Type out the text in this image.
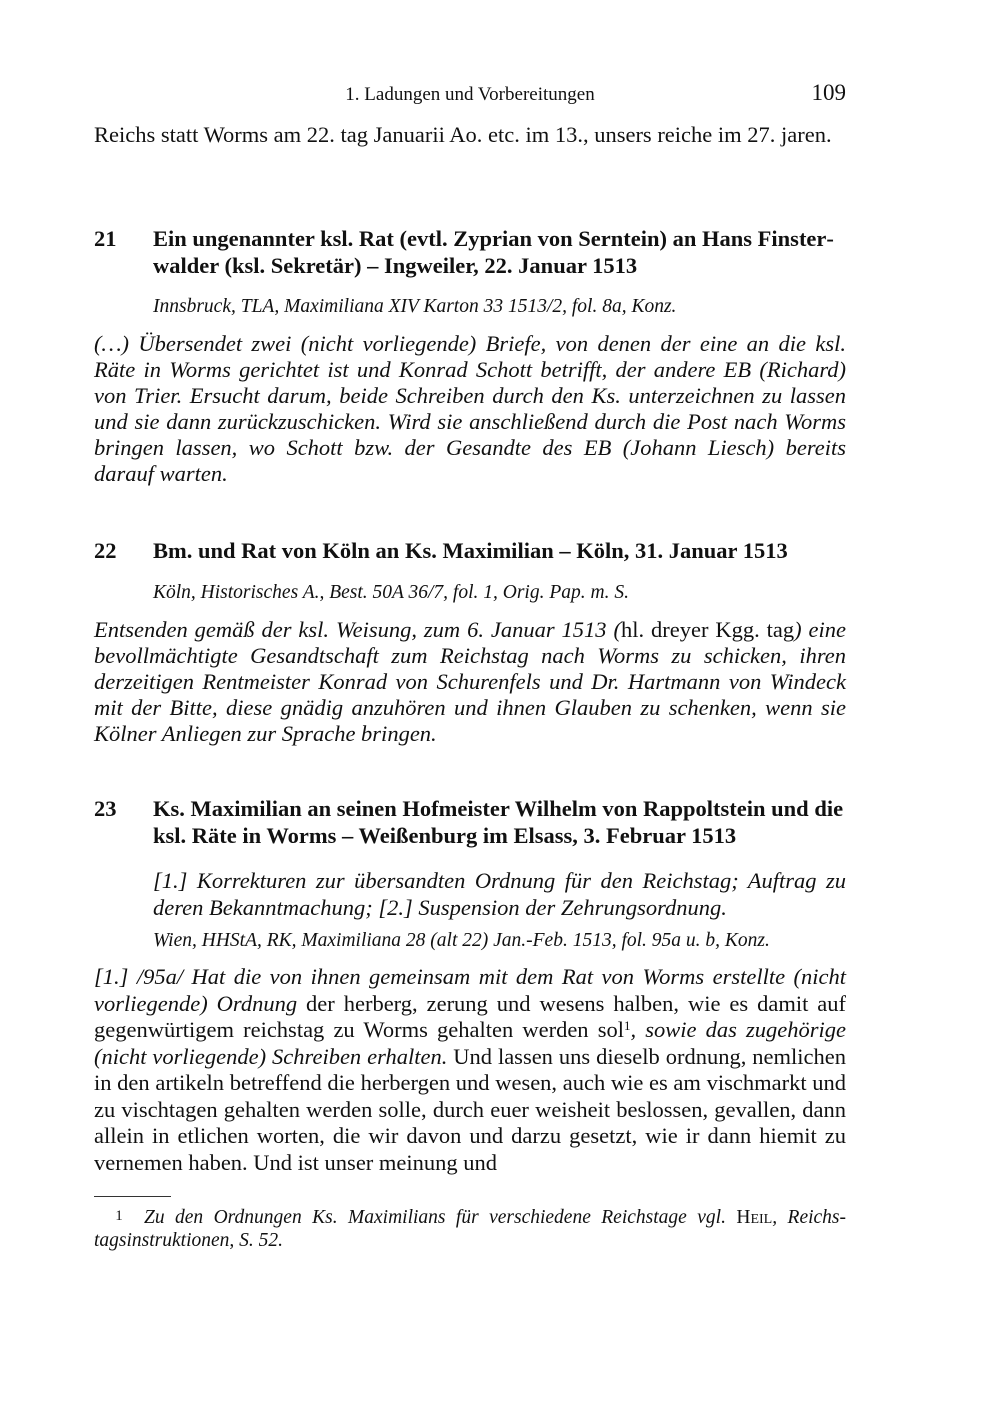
1. Ladungen und Vorbereitungen	109

Reichs statt Worms am 22. tag Januarii Ao. etc. im 13., unsers reiche im 27. jaren.

21 Ein ungenannter ksl. Rat (evtl. Zyprian von Serntein) an Hans Finsterwalder (ksl. Sekretär) – Ingweiler, 22. Januar 1513
Innsbruck, TLA, Maximiliana XIV Karton 33 1513/2, fol. 8a, Konz.
(…) Übersendet zwei (nicht vorliegende) Briefe, von denen der eine an die ksl. Räte in Worms gerichtet ist und Konrad Schott betrifft, der andere EB (Richard) von Trier. Ersucht darum, beide Schreiben durch den Ks. unterzeichnen zu lassen und sie dann zurückzuschicken. Wird sie anschließend durch die Post nach Worms bringen lassen, wo Schott bzw. der Gesandte des EB (Johann Liesch) bereits darauf warten.
22 Bm. und Rat von Köln an Ks. Maximilian – Köln, 31. Januar 1513
Köln, Historisches A., Best. 50A 36/7, fol. 1, Orig. Pap. m. S.
Entsenden gemäß der ksl. Weisung, zum 6. Januar 1513 (hl. dreyer Kgg. tag) eine bevollmächtigte Gesandtschaft zum Reichstag nach Worms zu schicken, ihren derzeitigen Rentmeister Konrad von Schurenfels und Dr. Hartmann von Windeck mit der Bitte, diese gnädig anzuhören und ihnen Glauben zu schenken, wenn sie Kölner Anliegen zur Sprache bringen.
23 Ks. Maximilian an seinen Hofmeister Wilhelm von Rappoltstein und die ksl. Räte in Worms – Weißenburg im Elsass, 3. Februar 1513
[1.] Korrekturen zur übersandten Ordnung für den Reichstag; Auftrag zu deren Bekanntmachung; [2.] Suspension der Zehrungsordnung.
Wien, HHStA, RK, Maximiliana 28 (alt 22) Jan.-Feb. 1513, fol. 95a u. b, Konz.

[1.] /95a/ Hat die von ihnen gemeinsam mit dem Rat von Worms erstellte (nicht vorliegende) Ordnung der herberg, zerung und wesens halben, wie es damit auf gegenwürtigem reichstag zu Worms gehalten werden sol$^1$, sowie das zugehörige (nicht vorliegende) Schreiben erhalten. Und lassen uns dieselb ordnung, nemlichen in den artikeln betreffend die herbergen und wesen, auch wie es am vischmarkt und zu vischtagen gehalten werden solle, durch euer weisheit beslossen, gevallen, dann allein in etlichen worten, die wir davon und darzu gesetzt, wie ir dann hiemit zu vernemen haben. Und ist unser meinung und

1 Zu den Ordnungen Ks. Maximilians für verschiedene Reichstage vgl. Heil, Reichstagsinstruktionen, S. 52.
